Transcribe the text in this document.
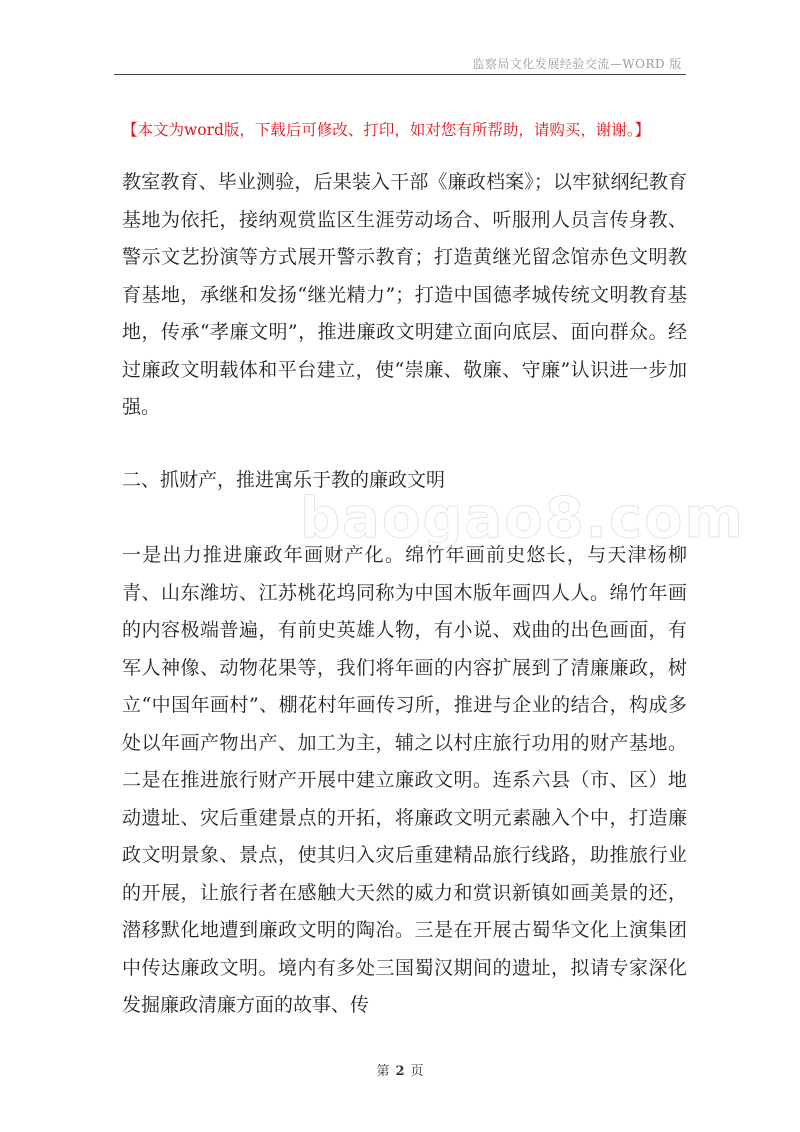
监察局文化发展经验交流—WORD 版
【本文为word版，下载后可修改、打印，如对您有所帮助，请购买，谢谢。】

教室教育、毕业测验，后果装入干部《廉政档案》；以牢狱纲纪教育基地为依托，接纳观赏监区生涯劳动场合、听服刑人员言传身教、警示文艺扮演等方式展开警示教育；打造黄继光留念馆赤色文明教育基地，承继和发扬“继光精力”；打造中国德孝城传统文明教育基地，传承“孝廉文明”，推进廉政文明建立面向底层、面向群众。经过廉政文明载体和平台建立，使“崇廉、敬廉、守廉”认识进一步加强。

二、抓财产，推进寓乐于教的廉政文明

一是出力推进廉政年画财产化。绵竹年画前史悠长，与天津杨柳青、山东潍坊、江苏桃花坞同称为中国木版年画四人人。绵竹年画的内容极端普遍，有前史英雄人物，有小说、戏曲的出色画面，有军人神像、动物花果等，我们将年画的内容扩展到了清廉廉政，树立“中国年画村”、棚花村年画传习所，推进与企业的结合，构成多处以年画产物出产、加工为主，辅之以村庄旅行功用的财产基地。二是在推进旅行财产开展中建立廉政文明。连系六县（市、区）地动遗址、灾后重建景点的开拓，将廉政文明元素融入个中，打造廉政文明景象、景点，使其归入灾后重建精品旅行线路，助推旅行业的开展，让旅行者在感触大天然的威力和赏识新镇如画美景的还，潜移默化地遭到廉政文明的陶冶。三是在开展古蜀华文化上演集团中传达廉政文明。境内有多处三国蜀汉期间的遗址，拟请专家深化发掘廉政清廉方面的故事、传

baogao8.com
第 2 页
